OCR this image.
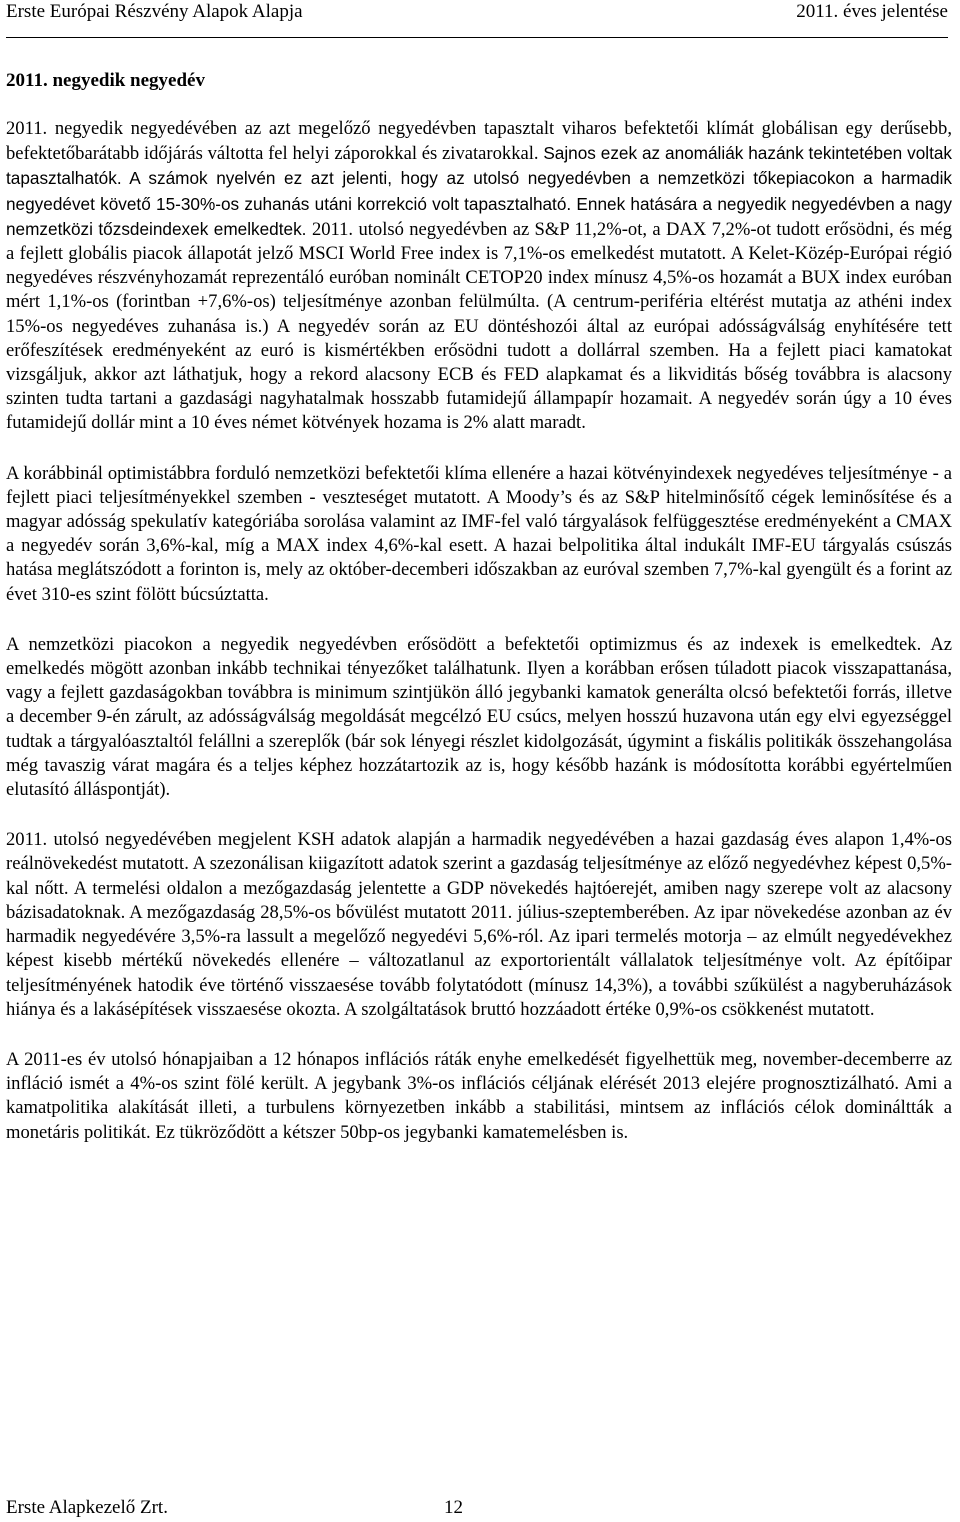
Erste Európai Részvény Alapok Alapja	2011. éves jelentése
2011. negyedik negyedév

2011. negyedik negyedévében az azt megelőző negyedévben tapasztalt viharos befektetői klímát globálisan egy derűsebb, befektetőbarátabb időjárás váltotta fel helyi záporokkal és zivatarokkal. Sajnos ezek az anomáliák hazánk tekintetében voltak tapasztalhatók. A számok nyelvén ez azt jelenti, hogy az utolsó negyedévben a nemzetközi tőkepiacokon a harmadik negyedévet követő 15-30%-os zuhanás utáni korrekció volt tapasztalható. Ennek hatására a negyedik negyedévben a nagy nemzetközi tőzsdeindexek emelkedtek. 2011. utolsó negyedévben az S&P 11,2%-ot, a DAX 7,2%-ot tudott erősödni, és még a fejlett globális piacok állapotát jelző MSCI World Free index is 7,1%-os emelkedést mutatott. A Kelet-Közép-Európai régió negyedéves részvényhozamát reprezentáló euróban nominált CETOP20 index mínusz 4,5%-os hozamát a BUX index euróban mért 1,1%-os (forintban +7,6%-os) teljesítménye azonban felülmúlta. (A centrum-periféria eltérést mutatja az athéni index 15%-os negyedéves zuhanása is.) A negyedév során az EU döntéshozói által az európai adósságválság enyhítésére tett erőfeszítések eredményeként az euró is kismértékben erősödni tudott a dollárral szemben. Ha a fejlett piaci kamatokat vizsgáljuk, akkor azt láthatjuk, hogy a rekord alacsony ECB és FED alapkamat és a likviditás bőség továbbra is alacsony szinten tudta tartani a gazdasági nagyhatalmak hosszabb futamidejű állampapír hozamait. A negyedév során úgy a 10 éves futamidejű dollár mint a 10 éves német kötvények hozama is 2% alatt maradt.

A korábbinál optimistábbra forduló nemzetközi befektetői klíma ellenére a hazai kötvényindexek negyedéves teljesítménye - a fejlett piaci teljesítményekkel szemben - veszteséget mutatott. A Moody’s és az S&P hitelminősítő cégek leminősítése és a magyar adósság spekulatív kategóriába sorolása valamint az IMF-fel való tárgyalások felfüggesztése eredményeként a CMAX a negyedév során 3,6%-kal, míg a MAX index 4,6%-kal esett. A hazai belpolitika által indukált IMF-EU tárgyalás csúszás hatása meglátszódott a forinton is, mely az október-decemberi időszakban az euróval szemben 7,7%-kal gyengült és a forint az évet 310-es szint fölött búcsúztatta.

A nemzetközi piacokon a negyedik negyedévben erősödött a befektetői optimizmus és az indexek is emelkedtek. Az emelkedés mögött azonban inkább technikai tényezőket találhatunk. Ilyen a korábban erősen túladott piacok visszapattanása, vagy a fejlett gazdaságokban továbbra is minimum szintjükön álló jegybanki kamatok generálta olcsó befektetői forrás, illetve a december 9-én zárult, az adósságválság megoldását megcélzó EU csúcs, melyen hosszú huzavona után egy elvi egyezséggel tudtak a tárgyalóasztaltól felállni a szereplők (bár sok lényegi részlet kidolgozását, úgymint a fiskális politikák összehangolása még tavaszig várat magára és a teljes képhez hozzátartozik az is, hogy később hazánk is módosította korábbi egyértelműen elutasító álláspontját).

2011. utolsó negyedévében megjelent KSH adatok alapján a harmadik negyedévében a hazai gazdaság éves alapon 1,4%-os reálnövekedést mutatott. A szezonálisan kiigazított adatok szerint a gazdaság teljesítménye az előző negyedévhez képest 0,5%-kal nőtt. A termelési oldalon a mezőgazdaság jelentette a GDP növekedés hajtóerejét, amiben nagy szerepe volt az alacsony bázisadatoknak. A mezőgazdaság 28,5%-os bővülést mutatott 2011. július-szeptemberében. Az ipar növekedése azonban az év harmadik negyedévére 3,5%-ra lassult a megelőző negyedévi 5,6%-ról. Az ipari termelés motorja – az elmúlt negyedévekhez képest kisebb mértékű növekedés ellenére – változatlanul az exportorientált vállalatok teljesítménye volt. Az építőipar teljesítményének hatodik éve történő visszaesése tovább folytatódott (mínusz 14,3%), a további szűkülést a nagyberuházások hiánya és a lakásépítések visszaesése okozta. A szolgáltatások bruttó hozzáadott értéke 0,9%-os csökkenést mutatott.

A 2011-es év utolsó hónapjaiban a 12 hónapos inflációs ráták enyhe emelkedését figyelhettük meg, november-decemberre az infláció ismét a 4%-os szint fölé került. A jegybank 3%-os inflációs céljának elérését 2013 elejére prognosztizálható. Ami a kamatpolitika alakítását illeti, a turbulens környezetben inkább a stabilitási, mintsem az inflációs célok domináltták a monetáris politikát. Ez tükröződött a kétszer 50bp-os jegybanki kamatemelésben is.

Erste Alapkezelő Zrt.	12
